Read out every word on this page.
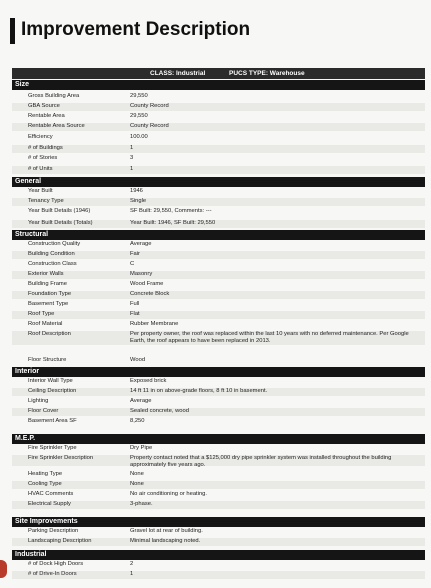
Improvement Description
CLASS: Industrial	PUCS TYPE: Warehouse
Size
Gross Building Area	29,550
GBA Source	County Record
Rentable Area	29,550
Rentable Area Source	County Record
Efficiency	100.00
# of Buildings	1
# of Stories	3
# of Units	1
General
Year Built	1946
Tenancy Type	Single
Year Built Details (1946)	SF Built: 29,550, Comments: ---
Year Built Details (Totals)	Year Built: 1946, SF Built: 29,550
Structural
Construction Quality	Average
Building Condition	Fair
Construction Class	C
Exterior Walls	Masonry
Building Frame	Wood Frame
Foundation Type	Concrete Block
Basement Type	Full
Roof Type	Flat
Roof Material	Rubber Membrane
Roof Description	Per property owner, the roof was replaced within the last 10 years with no deferred maintenance. Per Google Earth, the roof appears to have been replaced in 2013.
Floor Structure	Wood
Interior
Interior Wall Type	Exposed brick
Ceiling Description	14 ft 11 in on above-grade floors, 8 ft 10 in basement.
Lighting	Average
Floor Cover	Sealed concrete, wood
Basement Area SF	8,250
M.E.P.
Fire Sprinkler Type	Dry Pipe
Fire Sprinkler Description	Property contact noted that a $125,000 dry pipe sprinkler system was installed throughout the building approximately five years ago.
Heating Type	None
Cooling Type	None
HVAC Comments	No air conditioning or heating.
Electrical Supply	3-phase.
Site Improvements
Parking Description	Gravel lot at rear of building.
Landscaping Description	Minimal landscaping noted.
Industrial
# of Dock High Doors	2
# of Drive-In Doors	1
